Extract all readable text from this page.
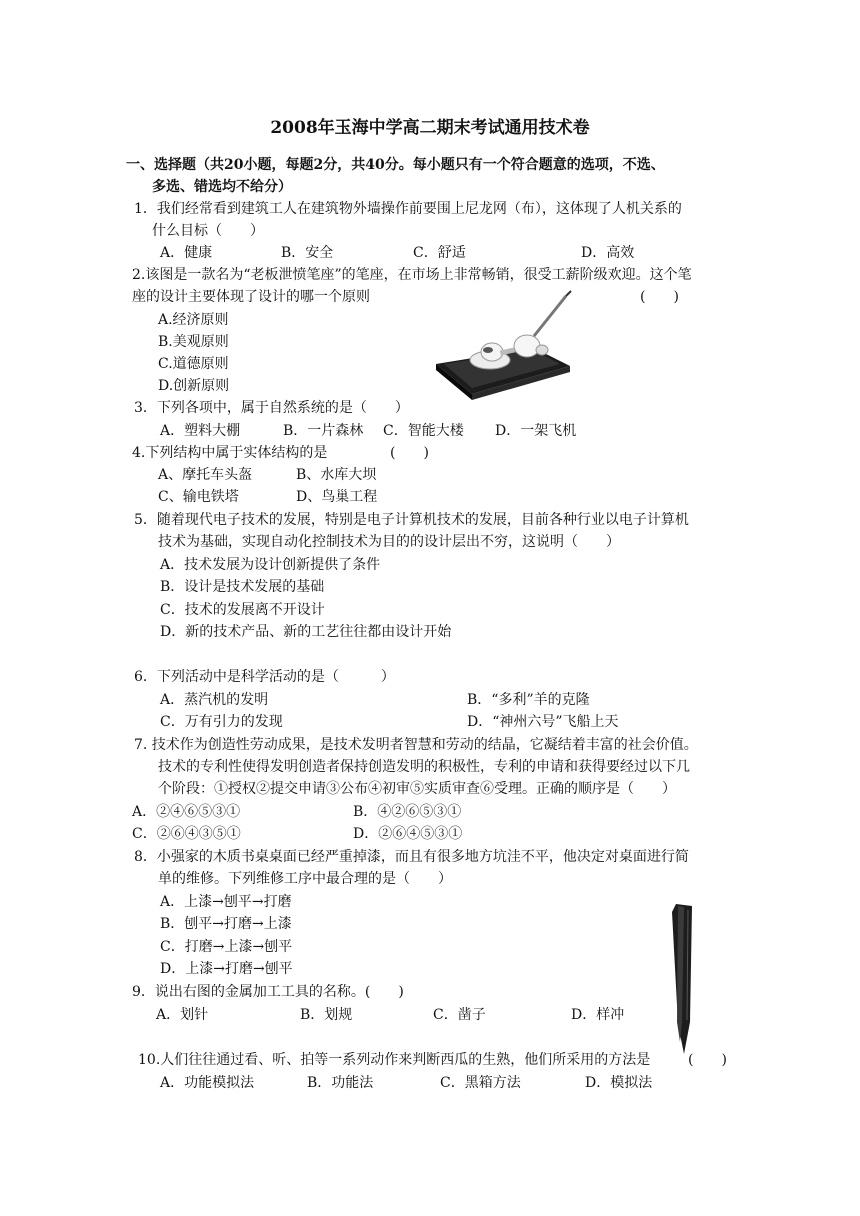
2008年玉海中学高二期末考试通用技术卷
一、选择题（共20小题，每题2分，共40分。每小题只有一个符合题意的选项，不选、
多选、错选均不给分）
1．我们经常看到建筑工人在建筑物外墙操作前要围上尼龙网（布），这体现了人机关系的
什么目标（　　）
A．健康	B．安全	C．舒适	D．高效
2.该图是一款名为“老板泄愤笔座”的笔座，在市场上非常畅销，很受工薪阶级欢迎。这个笔
座的设计主要体现了设计的哪一个原则	(　　)
A.经济原则
B.美观原则
C.道德原则
D.创新原则
3．下列各项中，属于自然系统的是（　　）
A．塑料大棚	B．一片森林 C．智能大楼 D．一架飞机
4.下列结构中属于实体结构的是	(　　)
A、摩托车头盔	B、水库大坝
C、输电铁塔	D、鸟巢工程
5．随着现代电子技术的发展，特别是电子计算机技术的发展，目前各种行业以电子计算机
技术为基础，实现自动化控制技术为目的的设计层出不穷，这说明（　　）
A．技术发展为设计创新提供了条件
B．设计是技术发展的基础
C．技术的发展离不开设计
D．新的技术产品、新的工艺往往都由设计开始
6．下列活动中是科学活动的是（　　　）
A．蒸汽机的发明	B．“多利”羊的克隆
C．万有引力的发现	D．“神州六号”飞船上天
7. 技术作为创造性劳动成果，是技术发明者智慧和劳动的结晶，它凝结着丰富的社会价值。
技术的专利性使得发明创造者保持创造发明的积极性，专利的申请和获得要经过以下几
个阶段：①授权②提交申请③公布④初审⑤实质审查⑥受理。正确的顺序是（　　）
A．②④⑥⑤③①	B．④②⑥⑤③①
C．②⑥④③⑤①	D．②⑥④⑤③①
8．小强家的木质书桌桌面已经严重掉漆，而且有很多地方坑洼不平，他决定对桌面进行简
单的维修。下列维修工序中最合理的是（　　）
A．上漆→刨平→打磨
B．刨平→打磨→上漆
C．打磨→上漆→刨平
D．上漆→打磨→刨平
9．说出右图的金属加工工具的名称。(　　)
A．划针	B．划规	C．凿子	D．样冲
10.人们往往通过看、听、拍等一系列动作来判断西瓜的生熟，他们所采用的方法是	(　　)
A．功能模拟法	B．功能法	C．黑箱方法	D．模拟法
